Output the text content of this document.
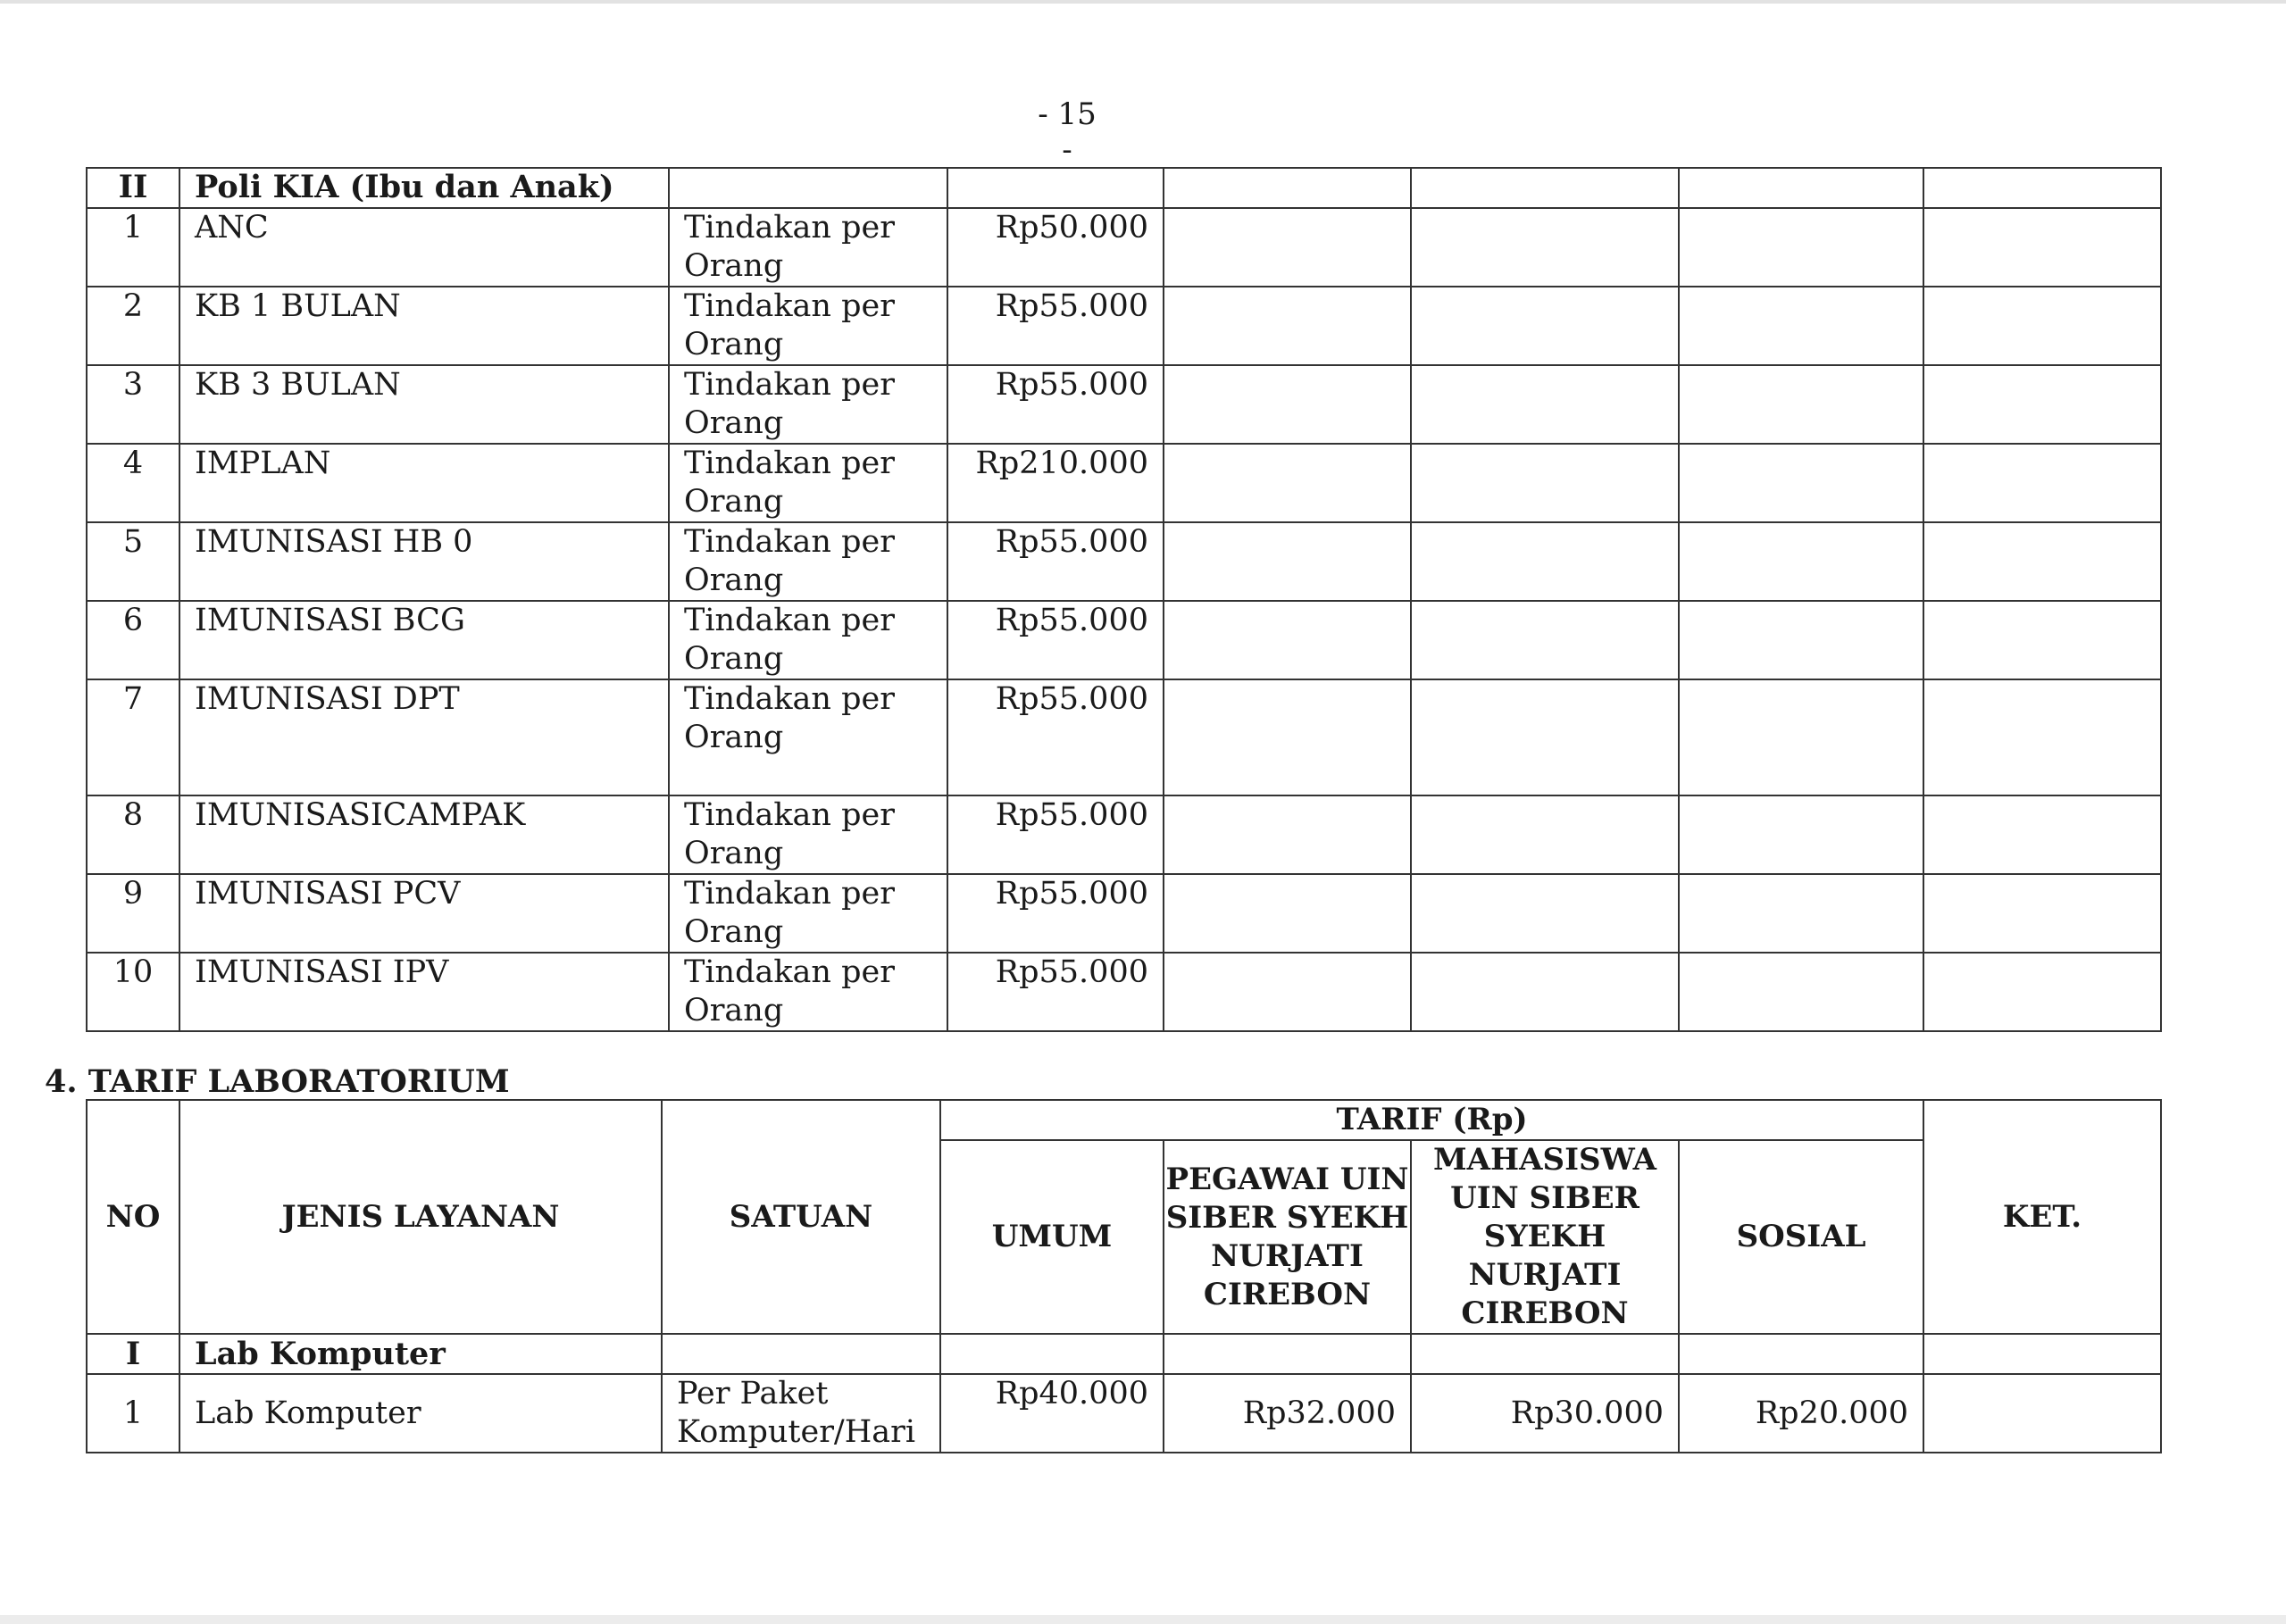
- 15 -
II	Poli KIA (Ibu dan Anak)						
1	ANC	Tindakan per Orang	Rp50.000				
2	KB 1 BULAN	Tindakan per Orang	Rp55.000				
3	KB 3 BULAN	Tindakan per Orang	Rp55.000				
4	IMPLAN	Tindakan per Orang	Rp210.000				
5	IMUNISASI HB 0	Tindakan per Orang	Rp55.000				
6	IMUNISASI BCG	Tindakan per Orang	Rp55.000				
7	IMUNISASI DPT	Tindakan per Orang	Rp55.000				
8	IMUNISASICAMPAK	Tindakan per Orang	Rp55.000				
9	IMUNISASI PCV	Tindakan per Orang	Rp55.000				
10	IMUNISASI IPV	Tindakan per Orang	Rp55.000				
4. TARIF LABORATORIUM
NO	JENIS LAYANAN	SATUAN	TARIF (Rp)				KET.
			UMUM	PEGAWAI UIN SIBER SYEKH NURJATI CIREBON	MAHASISWA UIN SIBER SYEKH NURJATI CIREBON	SOSIAL	
I	Lab Komputer						
1	Lab Komputer	Per Paket Komputer/Hari	Rp40.000	Rp32.000	Rp30.000	Rp20.000	
